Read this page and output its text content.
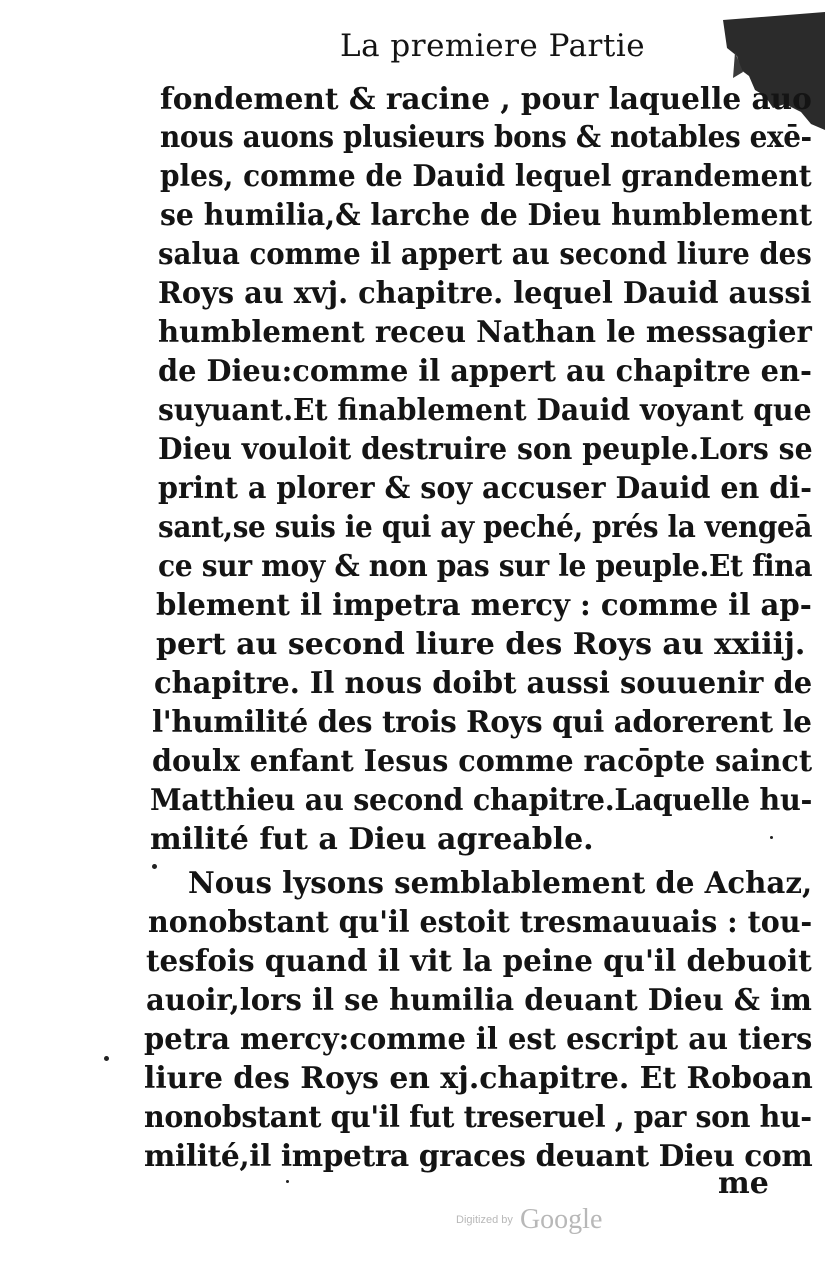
La premiere Partie
fondement & racine , pour laquelle auo
nous auons plusieurs bons & notables exē-
ples, comme de Dauid lequel grandement
se humilia,& larche de Dieu humblement
salua comme il appert au second liure des
Roys au xvj. chapitre. lequel Dauid aussi
humblement receu Nathan le messagier
de Dieu:comme il appert au chapitre en-
suyuant.Et finablement Dauid voyant que
Dieu vouloit destruire son peuple.Lors se
print a plorer & soy accuser Dauid en di-
sant,se suis ie qui ay peché, prés la vengeā
ce sur moy & non pas sur le peuple.Et fina
blement il impetra mercy : comme il ap-
pert au second liure des Roys au xxiiij.
chapitre. Il nous doibt aussi souuenir de
l'humilité des trois Roys qui adorerent le
doulx enfant Iesus comme racōpte sainct
Matthieu au second chapitre.Laquelle hu-
milité fut a Dieu agreable.
Nous lysons semblablement de Achaz,
nonobstant qu'il estoit tresmauuais : tou-
tesfois quand il vit la peine qu'il debuoit
auoir,lors il se humilia deuant Dieu & im
petra mercy:comme il est escript au tiers
liure des Roys en xj.chapitre. Et Roboan
nonobstant qu'il fut treseruel , par son hu-
milité,il impetra graces deuant Dieu com
me
Digitized by Google
